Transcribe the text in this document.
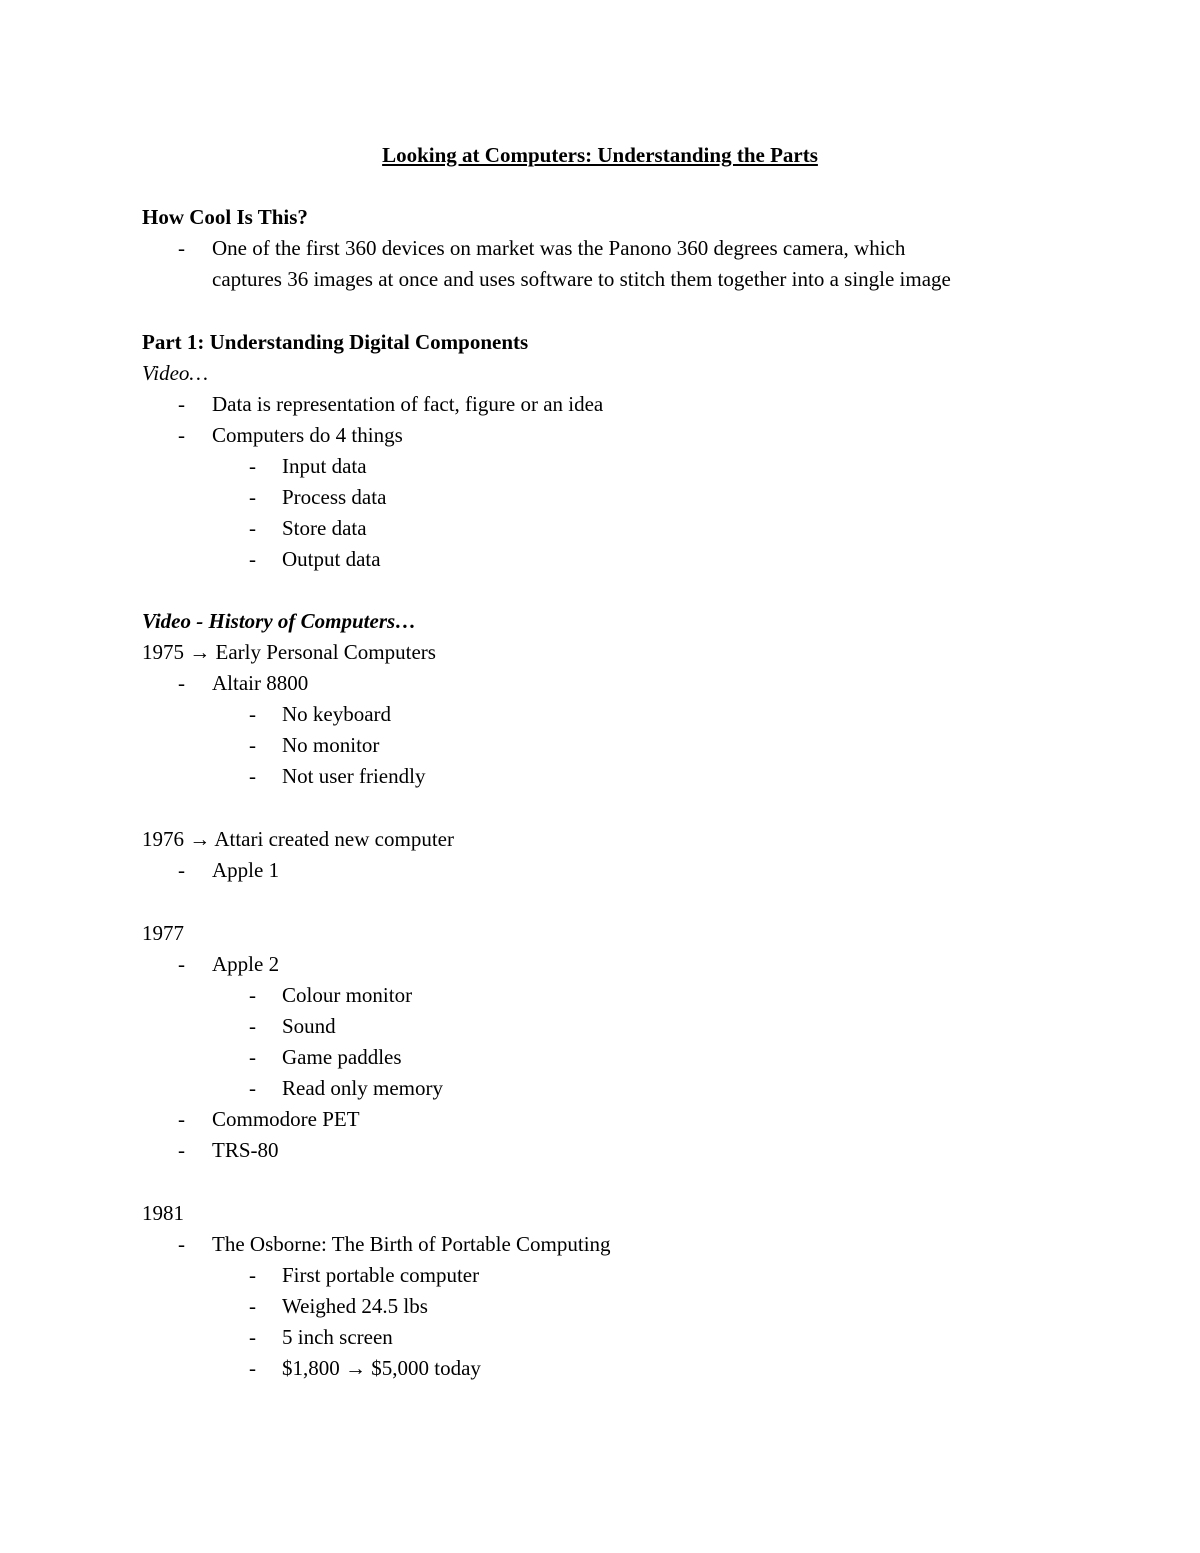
Looking at Computers: Understanding the Parts
How Cool Is This?
- One of the first 360 devices on market was the Panono 360 degrees camera, which
captures 36 images at once and uses software to stitch them together into a single image
Part 1: Understanding Digital Components
Video…
- Data is representation of fact, figure or an idea
- Computers do 4 things
- Input data
- Process data
- Store data
- Output data
Video - History of Computers…
1975 → Early Personal Computers
- Altair 8800
- No keyboard
- No monitor
- Not user friendly
1976 → Attari created new computer
- Apple 1
1977
- Apple 2
- Colour monitor
- Sound
- Game paddles
- Read only memory
- Commodore PET
- TRS-80
1981
- The Osborne: The Birth of Portable Computing
- First portable computer
- Weighed 24.5 lbs
- 5 inch screen
- $1,800 → $5,000 today
